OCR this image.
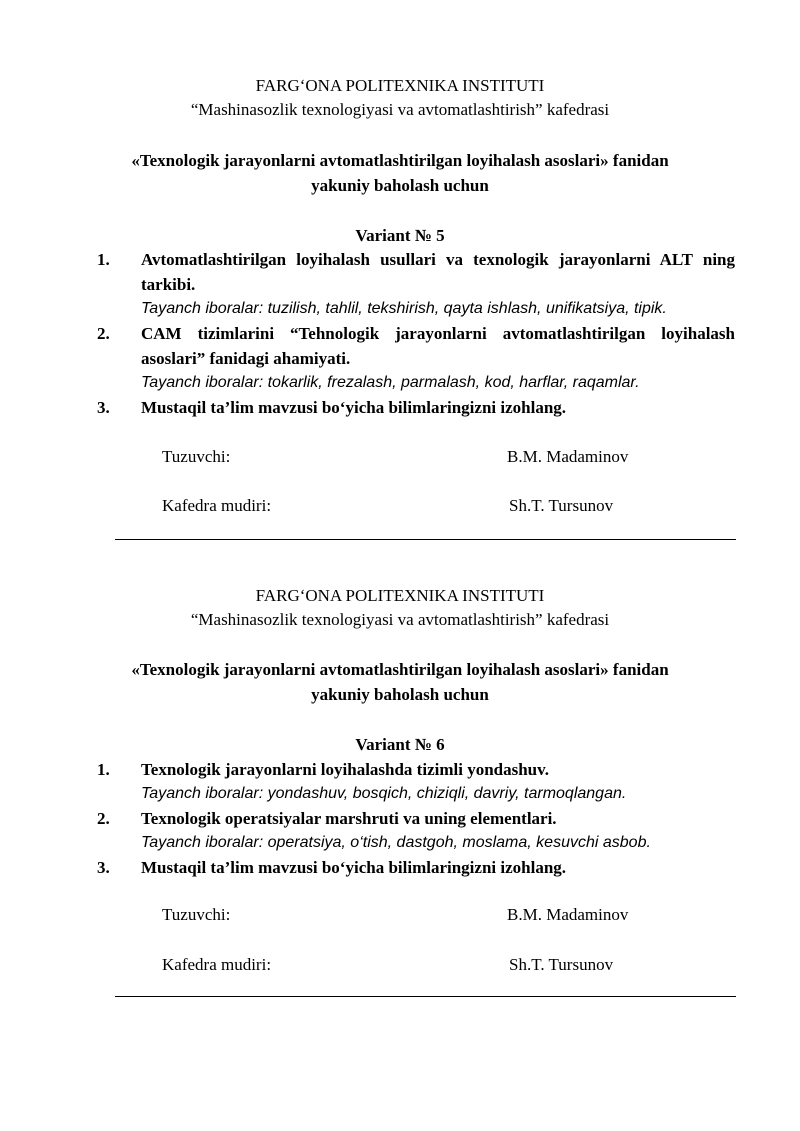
FARG‘ONA POLITEXNIKA INSTITUTI
“Mashinasozlik texnologiyasi va avtomatlashtirish” kafedrasi
«Texnologik jarayonlarni avtomatlashtirilgan loyihalash asoslari» fanidan
yakuniy baholash uchun
Variant № 5
1. Avtomatlashtirilgan loyihalash usullari va texnologik jarayonlarni ALT ning tarkibi.
Tayanch iboralar: tuzilish, tahlil, tekshirish, qayta ishlash, unifikatsiya, tipik.
2. CAM tizimlarini “Tehnologik jarayonlarni avtomatlashtirilgan loyihalash asoslari” fanidagi ahamiyati.
Tayanch iboralar: tokarlik, frezalash, parmalash, kod, harflar, raqamlar.
3. Mustaqil ta’lim mavzusi bo‘yicha bilimlaringizni izohlang.
Tuzuvchi:	B.M. Madaminov
Kafedra mudiri:	Sh.T. Tursunov
FARG‘ONA POLITEXNIKA INSTITUTI
“Mashinasozlik texnologiyasi va avtomatlashtirish” kafedrasi
«Texnologik jarayonlarni avtomatlashtirilgan loyihalash asoslari» fanidan
yakuniy baholash uchun
Variant № 6
1. Texnologik jarayonlarni loyihalashda tizimli yondashuv.
Tayanch iboralar: yondashuv, bosqich, chiziqli, davriy, tarmoqlangan.
2. Texnologik operatsiyalar marshruti va uning elementlari.
Tayanch iboralar: operatsiya, o‘tish, dastgoh, moslama, kesuvchi asbob.
3. Mustaqil ta’lim mavzusi bo‘yicha bilimlaringizni izohlang.
Tuzuvchi:	B.M. Madaminov
Kafedra mudiri:	Sh.T. Tursunov
